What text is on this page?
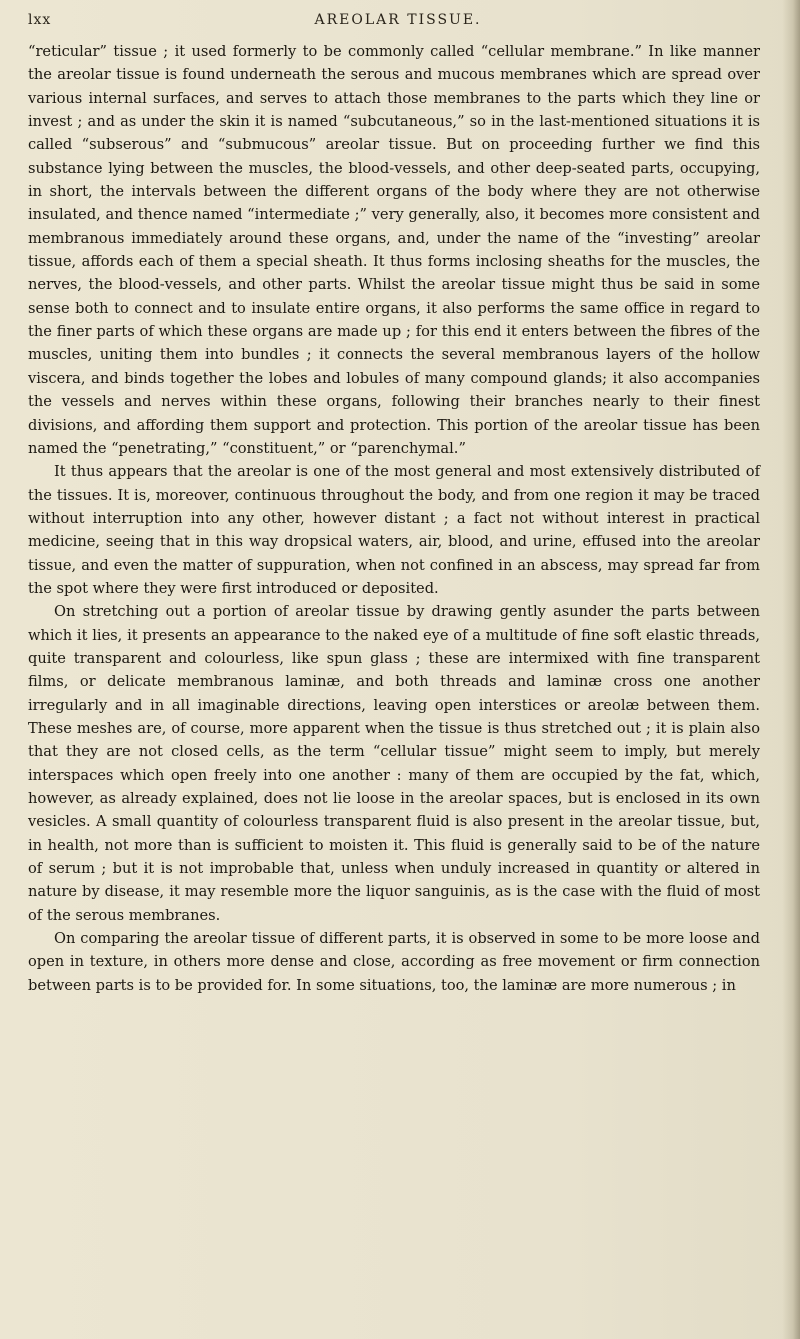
lxx	AREOLAR TISSUE.

“reticular” tissue ; it used formerly to be commonly called “cellular membrane.” In like manner the areolar tissue is found underneath the serous and mucous membranes which are spread over various internal surfaces, and serves to attach those membranes to the parts which they line or invest ; and as under the skin it is named “subcutaneous,” so in the last-mentioned situations it is called “subserous” and “submucous” areolar tissue. But on proceeding further we find this substance lying between the muscles, the blood-vessels, and other deep-seated parts, occupying, in short, the intervals between the different organs of the body where they are not otherwise insulated, and thence named “intermediate ;” very generally, also, it becomes more consistent and membranous immediately around these organs, and, under the name of the “investing” areolar tissue, affords each of them a special sheath. It thus forms inclosing sheaths for the muscles, the nerves, the blood-vessels, and other parts. Whilst the areolar tissue might thus be said in some sense both to connect and to insulate entire organs, it also performs the same office in regard to the finer parts of which these organs are made up ; for this end it enters between the fibres of the muscles, uniting them into bundles ; it connects the several membranous layers of the hollow viscera, and binds together the lobes and lobules of many compound glands; it also accompanies the vessels and nerves within these organs, following their branches nearly to their finest divisions, and affording them support and protection. This portion of the areolar tissue has been named the “penetrating,” “constituent,” or “parenchymal.”

It thus appears that the areolar is one of the most general and most extensively distributed of the tissues. It is, moreover, continuous throughout the body, and from one region it may be traced without interruption into any other, however distant ; a fact not without interest in practical medicine, seeing that in this way dropsical waters, air, blood, and urine, effused into the areolar tissue, and even the matter of suppuration, when not confined in an abscess, may spread far from the spot where they were first introduced or deposited.

On stretching out a portion of areolar tissue by drawing gently asunder the parts between which it lies, it presents an appearance to the naked eye of a multitude of fine soft elastic threads, quite transparent and colourless, like spun glass ; these are intermixed with fine transparent films, or delicate membranous laminæ, and both threads and laminæ cross one another irregularly and in all imaginable directions, leaving open interstices or areolæ between them. These meshes are, of course, more apparent when the tissue is thus stretched out ; it is plain also that they are not closed cells, as the term “cellular tissue” might seem to imply, but merely interspaces which open freely into one another : many of them are occupied by the fat, which, however, as already explained, does not lie loose in the areolar spaces, but is enclosed in its own vesicles. A small quantity of colourless transparent fluid is also present in the areolar tissue, but, in health, not more than is sufficient to moisten it. This fluid is generally said to be of the nature of serum ; but it is not improbable that, unless when unduly increased in quantity or altered in nature by disease, it may resemble more the liquor sanguinis, as is the case with the fluid of most of the serous membranes.

On comparing the areolar tissue of different parts, it is observed in some to be more loose and open in texture, in others more dense and close, according as free movement or firm connection between parts is to be provided for. In some situations, too, the laminæ are more numerous ; in
